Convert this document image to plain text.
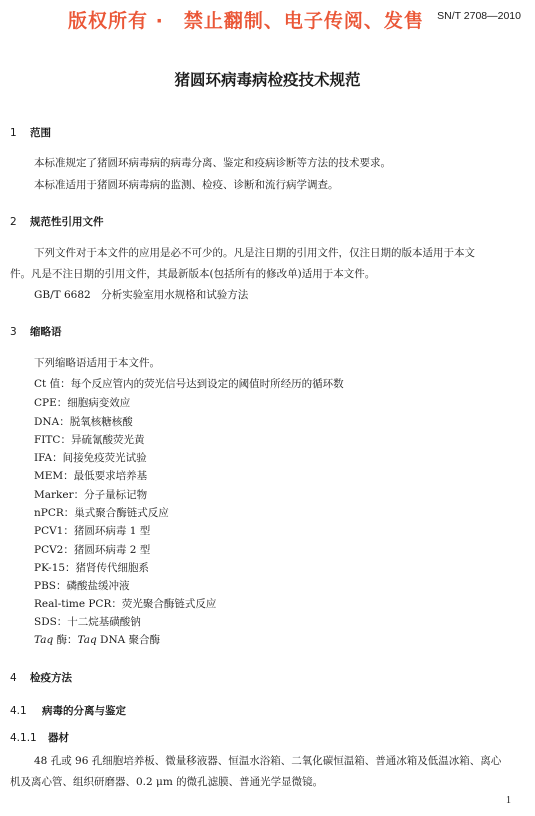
版权所有 ·　禁止翻制、电子传阅、发售 SN/T 2708—2010
猪圆环病毒病检疫技术规范
1 范围
本标准规定了猪圆环病毒病的病毒分离、鉴定和疫病诊断等方法的技术要求。
本标准适用于猪圆环病毒病的监测、检疫、诊断和流行病学调查。
2 规范性引用文件
下列文件对于本文件的应用是必不可少的。凡是注日期的引用文件，仅注日期的版本适用于本文
件。凡是不注日期的引用文件，其最新版本(包括所有的修改单)适用于本文件。
GB/T 6682　分析实验室用水规格和试验方法
3 缩略语
下列缩略语适用于本文件。
Ct 值：每个反应管内的荧光信号达到设定的阈值时所经历的循环数
CPE：细胞病变效应
DNA：脱氧核糖核酸
FITC：异硫氰酸荧光黄
IFA：间接免疫荧光试验
MEM：最低要求培养基
Marker：分子量标记物
nPCR：巢式聚合酶链式反应
PCV1：猪圆环病毒 1 型
PCV2：猪圆环病毒 2 型
PK-15：猪肾传代细胞系
PBS：磷酸盐缓冲液
Real-time PCR：荧光聚合酶链式反应
SDS：十二烷基磺酸钠
Taq 酶：Taq DNA 聚合酶
4 检疫方法
4.1 病毒的分离与鉴定
4.1.1 器材
48 孔或 96 孔细胞培养板、微量移液器、恒温水浴箱、二氧化碳恒温箱、普通冰箱及低温冰箱、离心
机及离心管、组织研磨器、0.2 μm 的微孔滤膜、普通光学显微镜。
1
